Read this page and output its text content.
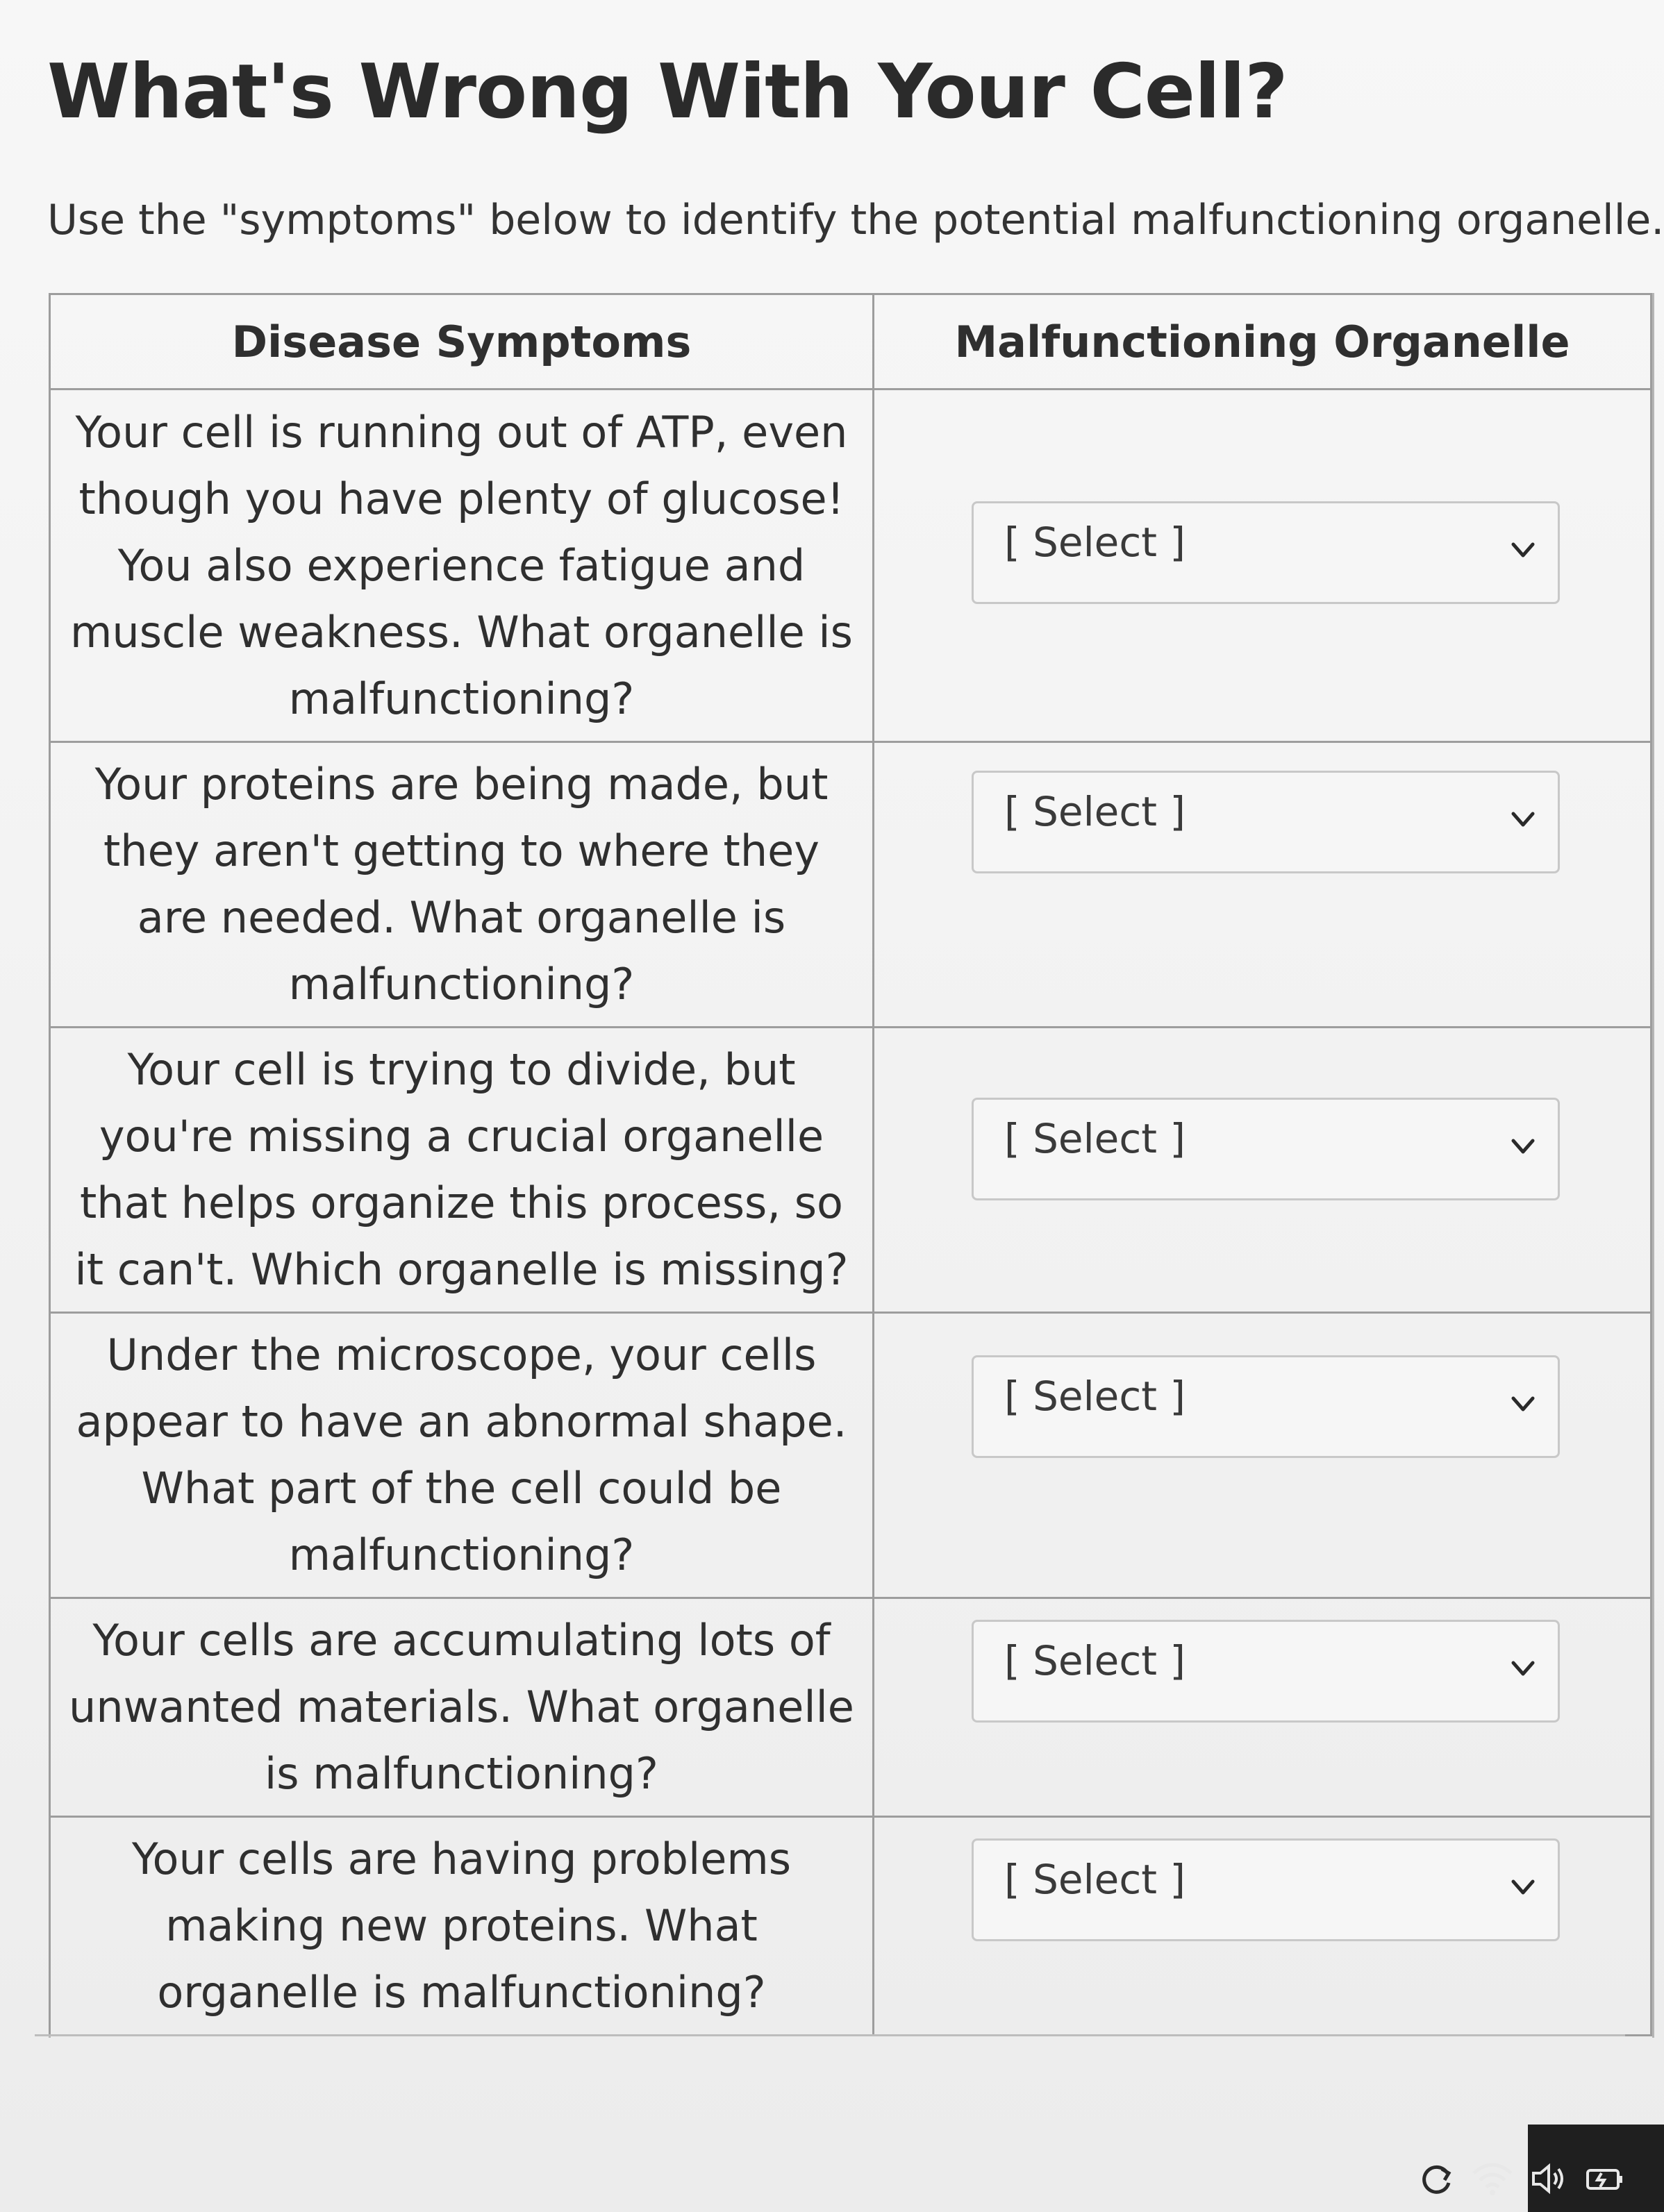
What's Wrong With Your Cell?
Use the "symptoms" below to identify the potential malfunctioning organelle.
Disease Symptoms	Malfunctioning Organelle
Your cell is running out of ATP, even though you have plenty of glucose! You also experience fatigue and muscle weakness. What organelle is malfunctioning?	[ Select ]

Your proteins are being made, but they aren't getting to where they are needed. What organelle is malfunctioning?	[ Select ]

Your cell is trying to divide, but you're missing a crucial organelle that helps organize this process, so it can't. Which organelle is missing?	[ Select ]

Under the microscope, your cells appear to have an abnormal shape. What part of the cell could be malfunctioning?	[ Select ]

Your cells are accumulating lots of unwanted materials. What organelle is malfunctioning?	[ Select ]

Your cells are having problems making new proteins. What organelle is malfunctioning?	[ Select ]
